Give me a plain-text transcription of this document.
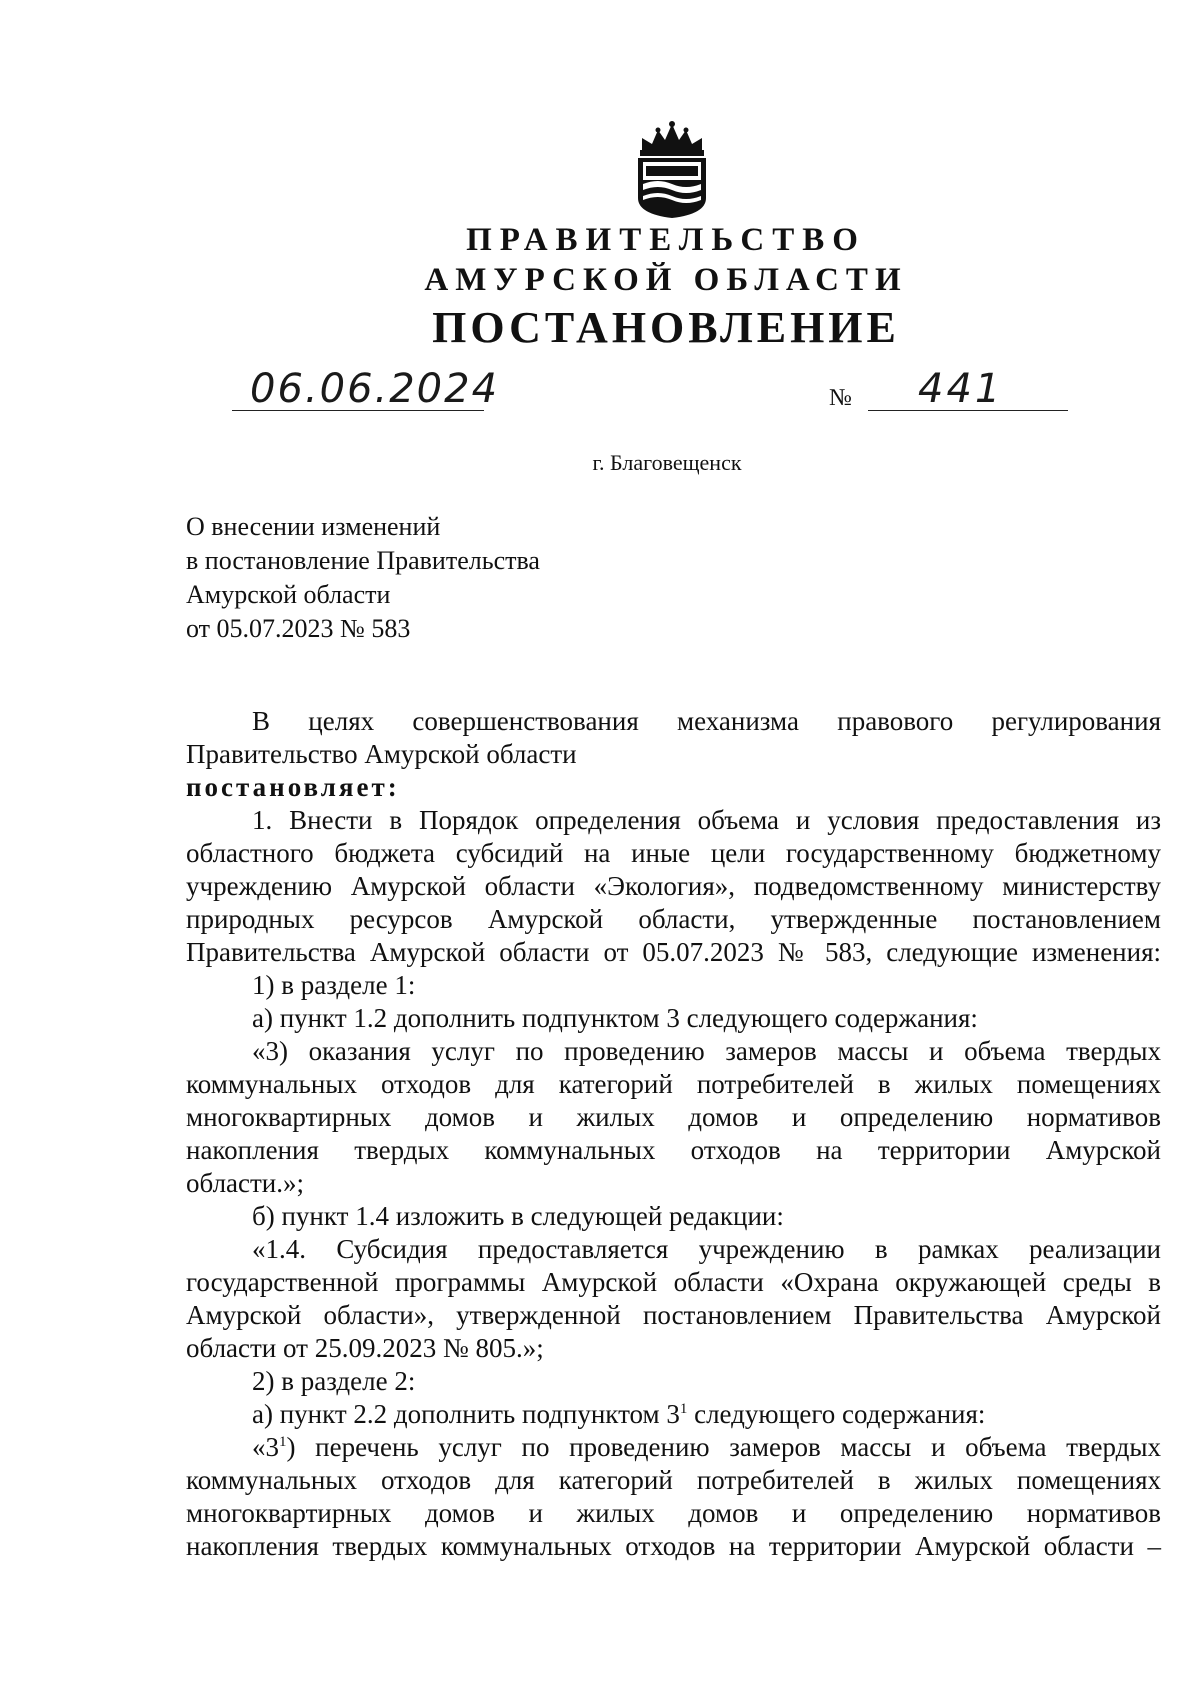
ПРАВИТЕЛЬСТВО
АМУРСКОЙ ОБЛАСТИ
ПОСТАНОВЛЕНИЕ
06.06.2024	№ 441
г. Благовещенск
О внесении изменений
в постановление Правительства
Амурской области
от 05.07.2023 № 583

В целях совершенствования механизма правового регулирования

Правительство Амурской области

постановляет:

1. Внести в Порядок определения объема и условия предоставления из

областного бюджета субсидий на иные цели государственному бюджетному

учреждению Амурской области «Экология», подведомственному министерству

природных ресурсов Амурской области, утвержденные постановлением

Правительства Амурской области от 05.07.2023 № 583, следующие изменения:

1) в разделе 1:

а) пункт 1.2 дополнить подпунктом 3 следующего содержания:

«3) оказания услуг по проведению замеров массы и объема твердых

коммунальных отходов для категорий потребителей в жилых помещениях

многоквартирных домов и жилых домов и определению нормативов

накопления твердых коммунальных отходов на территории Амурской

области.»;

б) пункт 1.4 изложить в следующей редакции:

«1.4. Субсидия предоставляется учреждению в рамках реализации

государственной программы Амурской области «Охрана окружающей среды в

Амурской области», утвержденной постановлением Правительства Амурской

области от 25.09.2023 № 805.»;

2) в разделе 2:

а) пункт 2.2 дополнить подпунктом $3^1$ следующего содержания:

«$3^1$) перечень услуг по проведению замеров массы и объема твердых

коммунальных отходов для категорий потребителей в жилых помещениях

многоквартирных домов и жилых домов и определению нормативов

накопления твердых коммунальных отходов на территории Амурской области –
